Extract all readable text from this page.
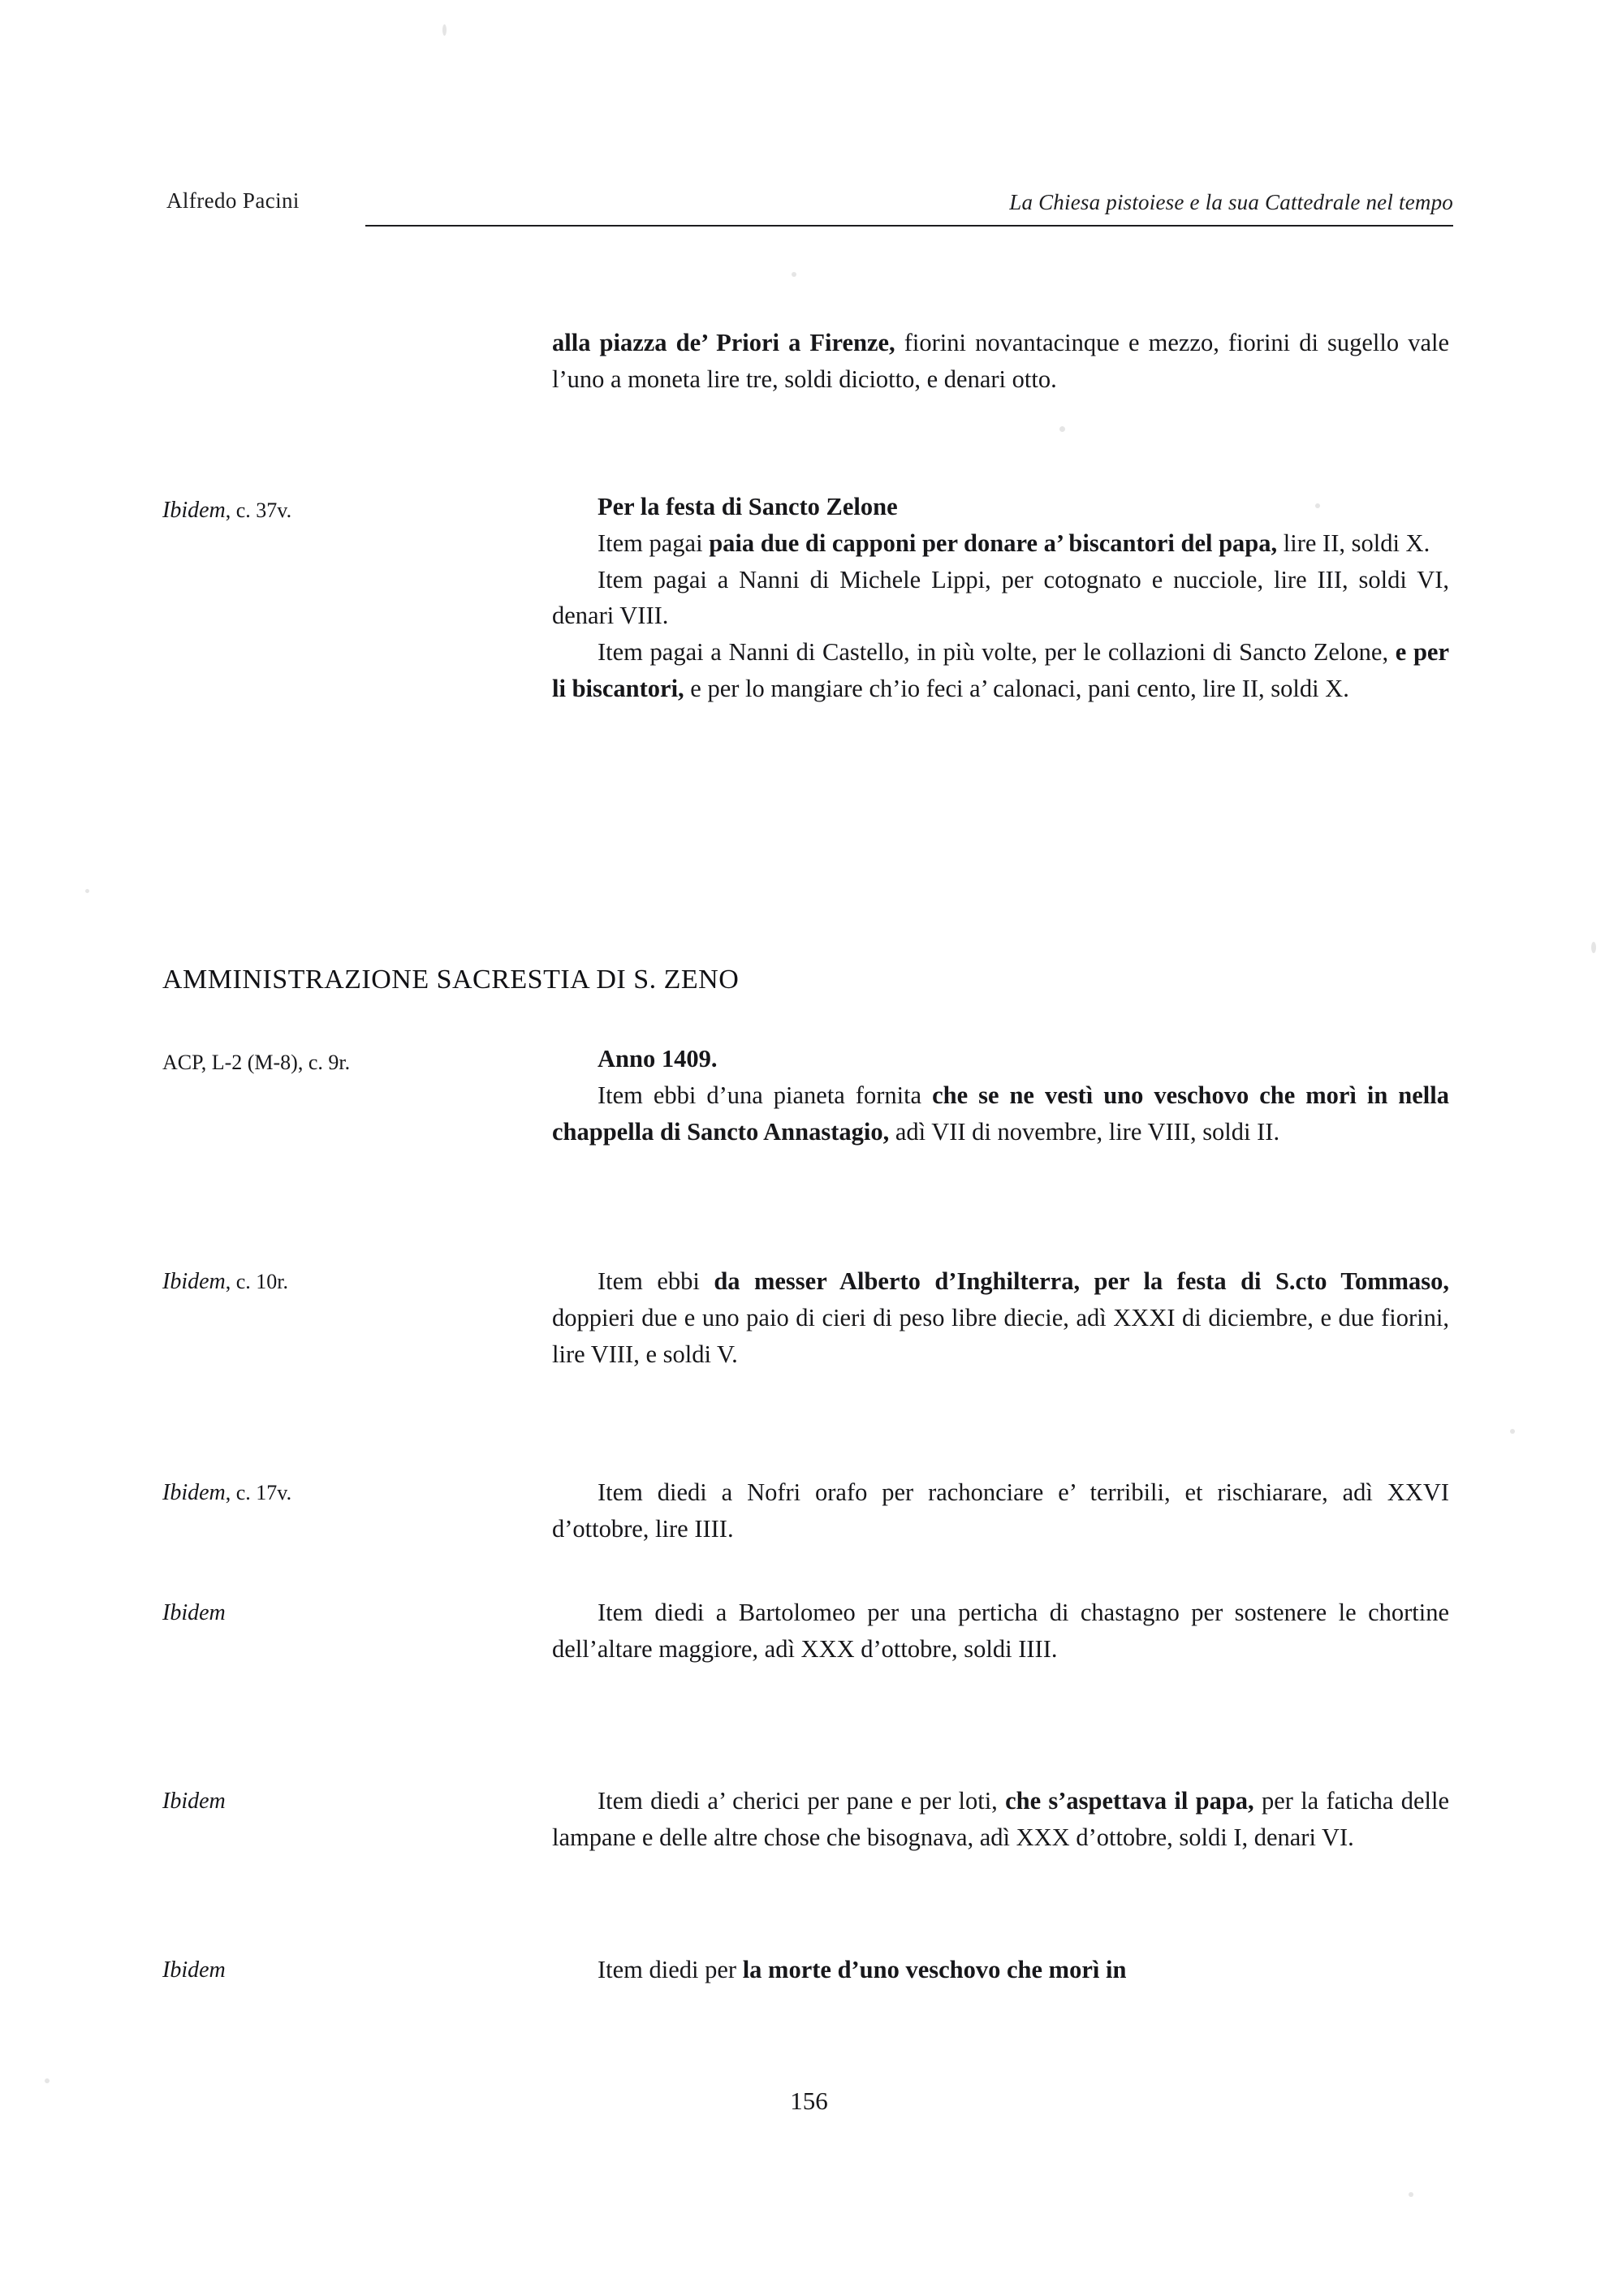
Alfredo Pacini	La Chiesa pistoiese e la sua Cattedrale nel tempo

alla piazza de’ Priori a Firenze, fiorini novantacinque e mezzo, fiorini di sugello vale l’uno a moneta lire tre, soldi diciotto, e denari otto.

Ibidem, c. 37v.	Per la festa di Sancto Zelone

Item pagai paia due di capponi per donare a’ biscantori del papa, lire II, soldi X.

Item pagai a Nanni di Michele Lippi, per cotognato e nucciole, lire III, soldi VI, denari VIII.

Item pagai a Nanni di Castello, in più volte, per le collazioni di Sancto Zelone, e per li biscantori, e per lo mangiare ch’io feci a’ calonaci, pani cento, lire II, soldi X.

AMMINISTRAZIONE SACRESTIA DI S. ZENO
ACP, L-2 (M-8), c. 9r.	Anno 1409.

Item ebbi d’una pianeta fornita che se ne vestì uno veschovo che morì in nella chappella di Sancto Annastagio, adì VII di novembre, lire VIII, soldi II.

Ibidem, c. 10r.	Item ebbi da messer Alberto d’Inghilterra, per la festa di S.cto Tommaso, doppieri due e uno paio di cieri di peso libre diecie, adì XXXI di diciembre, e due fiorini, lire VIII, e soldi V.

Ibidem, c. 17v.	Item diedi a Nofri orafo per rachonciare e’ terribili, et rischiarare, adì XXVI d’ottobre, lire IIII.

Ibidem	Item diedi a Bartolomeo per una perticha di chastagno per sostenere le chortine dell’altare maggiore, adì XXX d’ottobre, soldi IIII.

Ibidem	Item diedi a’ cherici per pane e per loti, che s’aspettava il papa, per la faticha delle lampane e delle altre chose che bisognava, adì XXX d’ottobre, soldi I, denari VI.

Ibidem	Item diedi per la morte d’uno veschovo che morì in

156
